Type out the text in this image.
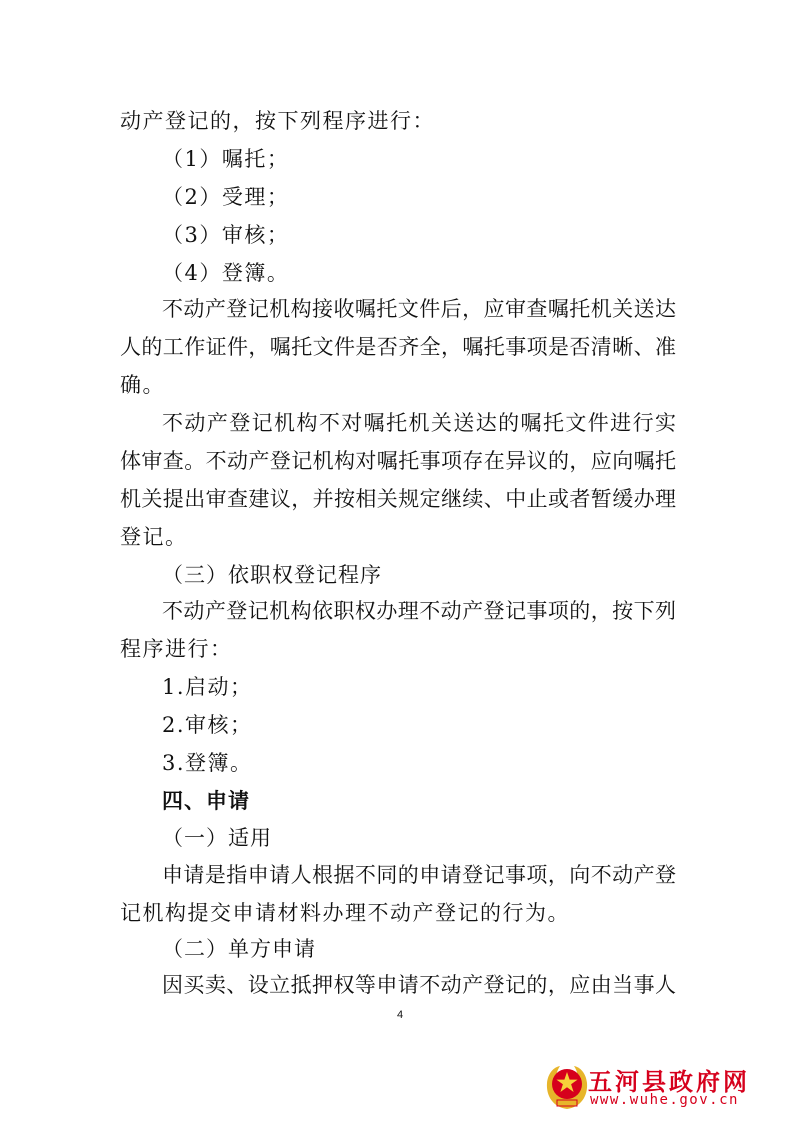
动产登记的，按下列程序进行：
（1）嘱托；
（2）受理；
（3）审核；
（4）登簿。
不动产登记机构接收嘱托文件后，应审查嘱托机关送达
人的工作证件，嘱托文件是否齐全，嘱托事项是否清晰、准
确。
不动产登记机构不对嘱托机关送达的嘱托文件进行实
体审查。不动产登记机构对嘱托事项存在异议的，应向嘱托
机关提出审查建议，并按相关规定继续、中止或者暂缓办理
登记。
（三）依职权登记程序
不动产登记机构依职权办理不动产登记事项的，按下列
程序进行：
1.启动；
2.审核；
3.登簿。
四、申请
（一）适用
申请是指申请人根据不同的申请登记事项，向不动产登
记机构提交申请材料办理不动产登记的行为。
（二）单方申请
因买卖、设立抵押权等申请不动产登记的，应由当事人
4
五河县政府网
www.wuhe.gov.cn
